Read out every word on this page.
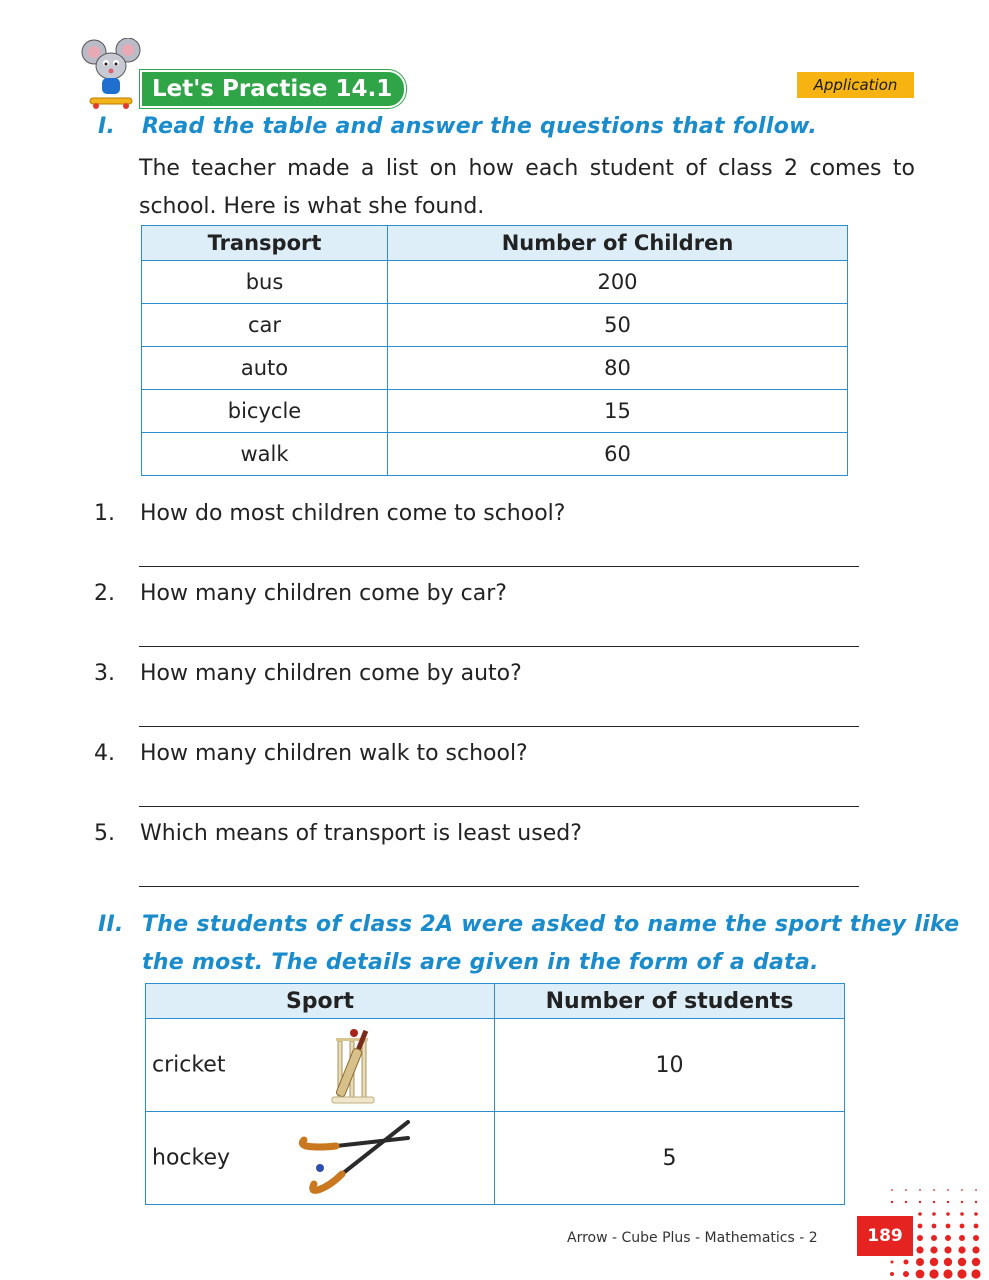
Let's Practise 14.1	Application
I. Read the table and answer the questions that follow.
The teacher made a list on how each student of class 2 comes to school. Here is what she found.
Transport	Number of Children
bus	200
car	50
auto	80
bicycle	15
walk	60
1. How do most children come to school?
2. How many children come by car?
3. How many children come by auto?
4. How many children walk to school?
5. Which means of transport is least used?
II. The students of class 2A were asked to name the sport they like
the most. The details are given in the form of a data.
Sport	Number of students

cricket	10

hockey	5
Arrow - Cube Plus - Mathematics - 2	189
